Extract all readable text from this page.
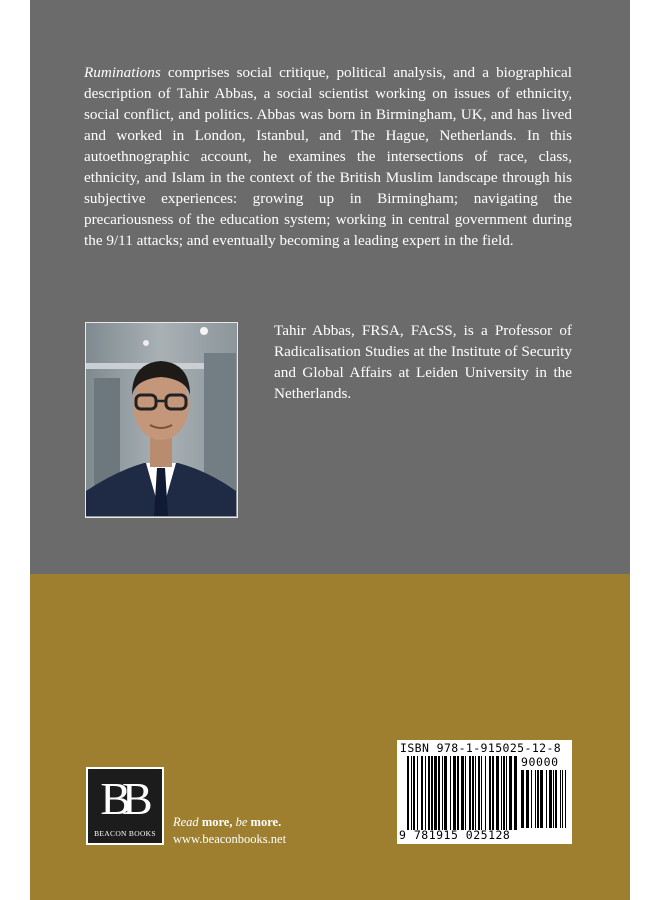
Ruminations comprises social critique, political analysis, and a biographical description of Tahir Abbas, a social scientist working on issues of ethnicity, social conflict, and politics. Abbas was born in Birmingham, UK, and has lived and worked in London, Istanbul, and The Hague, Netherlands. In this autoethnographic account, he examines the intersections of race, class, ethnicity, and Islam in the context of the British Muslim landscape through his subjective experiences: growing up in Birmingham; navigating the precariousness of the education system; working in central government during the 9/11 attacks; and eventually becoming a leading expert in the field.

Tahir Abbas, FRSA, FAcSS, is a Professor of Radicalisation Studies at the Institute of Security and Global Affairs at Leiden University in the Netherlands.

BB
BEACON BOOKS
Read more, be more.
www.beaconbooks.net
ISBN 978-1-915025-12-8
90000
9 781915 025128
